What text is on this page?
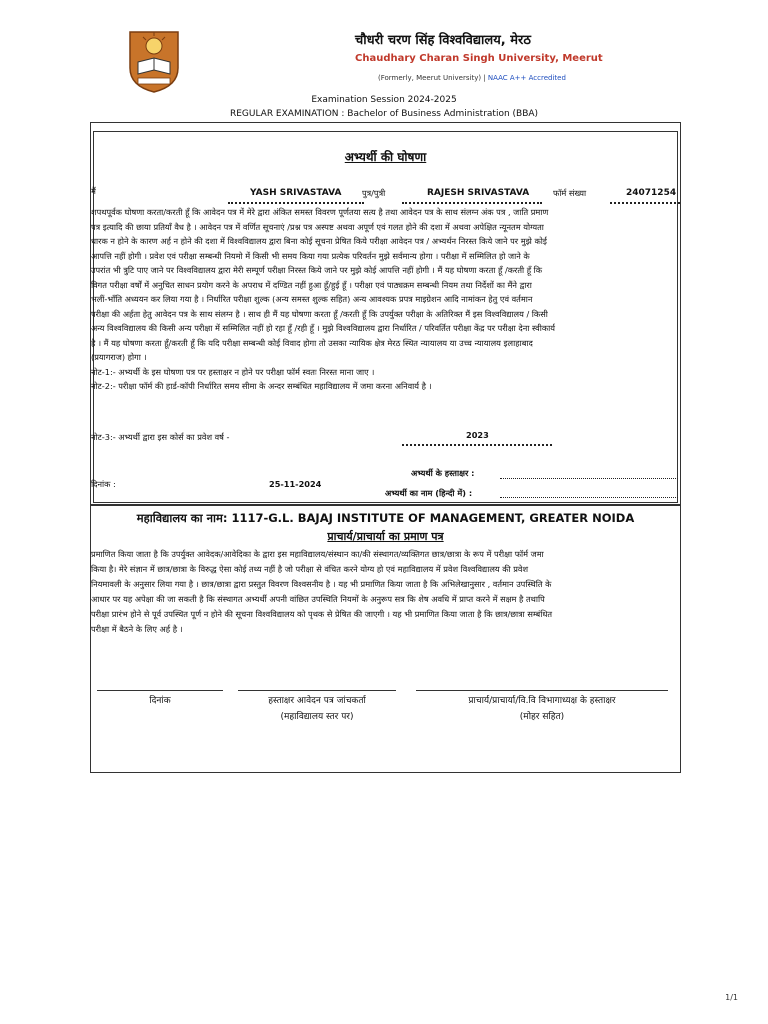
चौधरी चरण सिंह विश्वविद्यालय, मेरठ
Chaudhary Charan Singh University, Meerut
(Formerly, Meerut University) | NAAC A++ Accredited
Examination Session 2024-2025
REGULAR EXAMINATION : Bachelor of Business Administration (BBA)
अभ्यर्थी की घोषणा
मैं	YASH SRIVASTAVA	पुत्र/पुत्री	RAJESH SRIVASTAVA	फॉर्म संख्या	24071254
शपथपूर्वक घोषणा करता/करती हूँ कि आवेदन पत्र में मेरे द्वारा अंकित समस्त विवरण पूर्णतया सत्य है तथा आवेदन पत्र के साथ संलग्न अंक पत्र , जाति प्रमाण
पत्र इत्यादि की छाया प्रतियाँ वैध है । आवेदन पत्र में वर्णित सूचनाएं /प्रश्न पत्र अस्पष्ट अथवा अपूर्ण एवं गलत होने की दशा में अथवा अपेक्षित न्यूनतम योग्यता
धारक न होने के कारण अर्ह न होने की दशा में विश्वविद्यालय द्वारा बिना कोई सूचना प्रेषित किये परीक्षा आवेदन पत्र / अभ्यर्थन निरस्त किये जाने पर मुझे कोई
आपत्ति नहीं होगी । प्रवेश एवं परीक्षा सम्बन्धी नियमो में किसी भी समय किया गया प्रत्येक परिवर्तन मुझे सर्वमान्य होगा । परीक्षा में सम्मिलित हो जाने के
उपरांत भी त्रुटि पाए जाने पर विश्वविद्यालय द्वारा मेरी सम्पूर्ण परीक्षा निरस्त किये जाने पर मुझे कोई आपत्ति नहीं होगी । मैं यह घोषणा करता हूँ /करती हूँ कि
विगत परीक्षा वर्षों में अनुचित साधन प्रयोग करने के अपराध में दण्डित नहीं हुआ हूँ/हुई हूँ । परीक्षा एवं पाठ्यक्रम सम्बन्धी नियम तथा निर्देशों का मैंने द्वारा
भलीं-भाँति अध्ययन कर लिया गया है । निर्धारित परीक्षा शुल्क (अन्य समस्त शुल्क सहित) अन्य आवश्यक प्रपत्र माइग्रेशन आदि नामांकन हेतु एवं वर्तमान
परीक्षा की अर्हता हेतु आवेदन पत्र के साथ संलग्न है । साथ ही मैं यह घोषणा करता हूँ /करती हूँ कि उपर्युक्त परीक्षा के अतिरिक्त मैं इस विश्वविद्यालय / किसी
अन्य विश्वविद्यालय की किसी अन्य परीक्षा में सम्मिलित नहीं हो रहा हूँ /रही हूँ । मुझे विश्वविद्यालय द्वारा निर्धारित / परिवर्तित परीक्षा केंद्र पर परीक्षा देना स्वीकार्य
है । मैं यह घोषणा करता हूँ/करती हूँ कि यदि परीक्षा सम्बन्धी कोई विवाद होगा तो उसका न्यायिक क्षेत्र मेरठ स्थित न्यायालय या उच्च न्यायालय इलाहाबाद
(प्रयागराज) होगा ।
नोट-1:- अभ्यर्थी के इस घोषणा पत्र पर हस्ताक्षर न होने पर परीक्षा फॉर्म स्वतः निरस्त माना जाए ।
नोट-2:- परीक्षा फॉर्म की हार्ड-कॉपी निर्धारित समय सीमा के अन्दर सम्बंधित महाविद्यालय में जमा करना अनिवार्य है ।
नोट-3:- अभ्यर्थी द्वारा इस कोर्स का प्रवेश वर्ष -	2023
अभ्यर्थी के हस्ताक्षर :
दिनांक :	25-11-2024
अभ्यर्थी का नाम (हिन्दी में) :
महाविद्यालय का नाम: 1117-G.L. BAJAJ INSTITUTE OF MANAGEMENT, GREATER NOIDA
प्राचार्य/प्राचार्या का प्रमाण पत्र
प्रमाणित किया जाता है कि उपर्युक्त आवेदक/आवेदिका के द्वारा इस महाविद्यालय/संस्थान का/की संस्थागत/व्यक्तिगत छात्र/छात्रा के रूप में परीक्षा फॉर्म जमा
किया है। मेरे संज्ञान में छात्र/छात्रा के विरुद्ध ऐसा कोई तथ्य नहीं है जो परीक्षा से वंचित करने योग्य हो एवं महाविद्यालय में प्रवेश विश्वविद्यालय की प्रवेश
नियमावली के अनुसार लिया गया है । छात्र/छात्रा द्वारा प्रस्तुत विवरण विश्वसनीय है । यह भी प्रमाणित किया जाता है कि अभिलेखानुसार , वर्तमान उपस्थिति के
आधार पर यह अपेक्षा की जा सकती है कि संस्थागत अभ्यर्थी अपनी वांछित उपस्थिति नियमों के अनुरूप सत्र कि शेष अवधि में प्राप्त करने में सक्षम है तथापि
परीक्षा प्रारंभ होने से पूर्व उपस्थित पूर्ण न होने की सूचना विश्वविद्यालय को पृथक से प्रेषित की जाएगी । यह भी प्रमाणित किया जाता है कि छात्र/छात्रा सम्बंधित
परीक्षा में बैठने के लिए अर्ह है ।
दिनांक	हस्ताक्षर आवेदन पत्र जांचकर्ता
(महाविद्यालय स्तर पर)
प्राचार्य/प्राचार्या/वि.वि विभागाध्यक्ष के हस्ताक्षर
(मोहर सहित)
1/1
